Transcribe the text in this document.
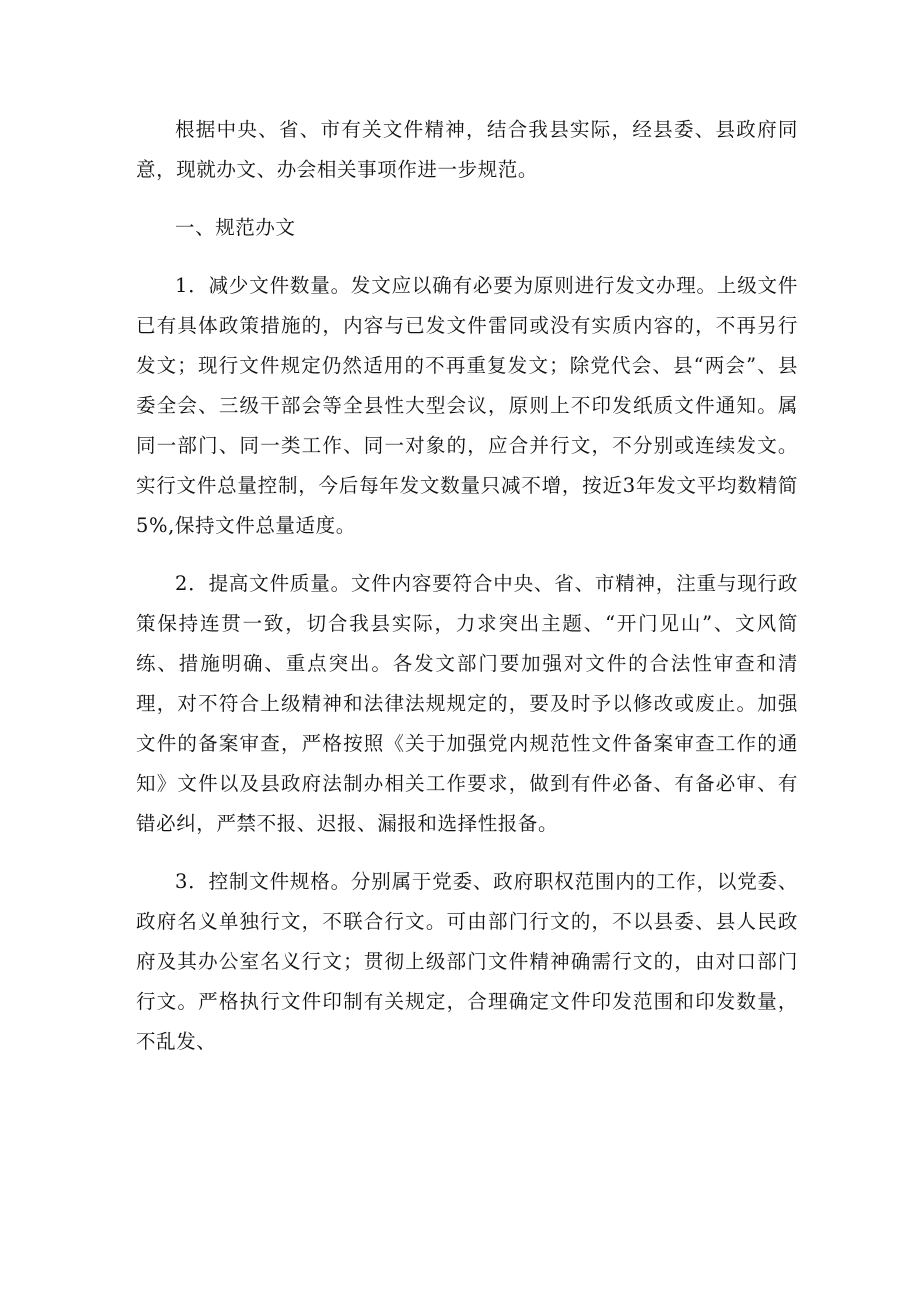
根据中央、省、市有关文件精神，结合我县实际，经县委、县政府同意，现就办文、办会相关事项作进一步规范。

一、规范办文

1．减少文件数量。发文应以确有必要为原则进行发文办理。上级文件已有具体政策措施的，内容与已发文件雷同或没有实质内容的，不再另行发文；现行文件规定仍然适用的不再重复发文；除党代会、县“两会”、县委全会、三级干部会等全县性大型会议，原则上不印发纸质文件通知。属同一部门、同一类工作、同一对象的，应合并行文，不分别或连续发文。实行文件总量控制，今后每年发文数量只减不增，按近3年发文平均数精简5%,保持文件总量适度。

2．提高文件质量。文件内容要符合中央、省、市精神，注重与现行政策保持连贯一致，切合我县实际，力求突出主题、“开门见山”、文风简练、措施明确、重点突出。各发文部门要加强对文件的合法性审查和清理，对不符合上级精神和法律法规规定的，要及时予以修改或废止。加强文件的备案审查，严格按照《关于加强党内规范性文件备案审查工作的通知》文件以及县政府法制办相关工作要求，做到有件必备、有备必审、有错必纠，严禁不报、迟报、漏报和选择性报备。

3．控制文件规格。分别属于党委、政府职权范围内的工作，以党委、政府名义单独行文，不联合行文。可由部门行文的，不以县委、县人民政府及其办公室名义行文；贯彻上级部门文件精神确需行文的，由对口部门行文。严格执行文件印制有关规定，合理确定文件印发范围和印发数量，不乱发、
